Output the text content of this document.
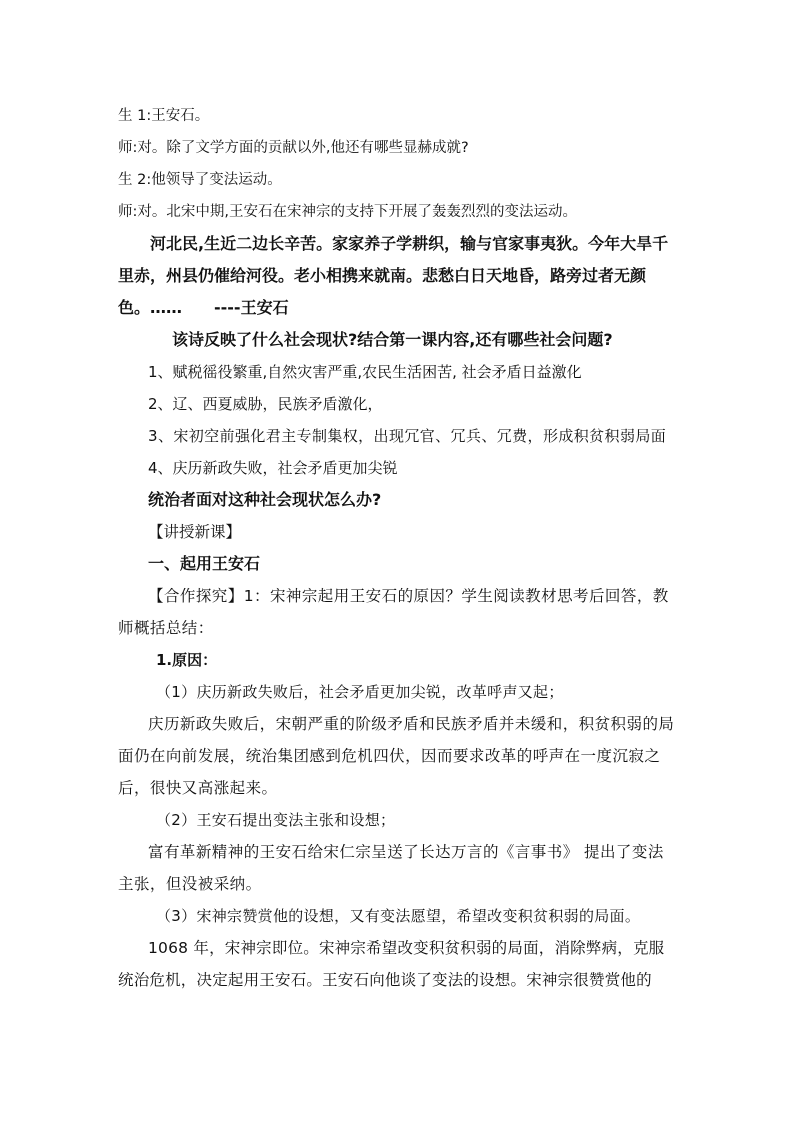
生 1:王安石。

师:对。除了文学方面的贡献以外,他还有哪些显赫成就?

生 2:他领导了变法运动。

师:对。北宋中期,王安石在宋神宗的支持下开展了轰轰烈烈的变法运动。

河北民,生近二边长辛苦。家家养子学耕织，输与官家事夷狄。今年大旱千里赤，州县仍催给河役。老小相携来就南。悲愁白日天地昏，路旁过者无颜色。……　　----王安石

该诗反映了什么社会现状?结合第一课内容,还有哪些社会问题?

1、赋税徭役繁重,自然灾害严重,农民生活困苦, 社会矛盾日益激化

2、辽、西夏威胁，民族矛盾激化，

3、宋初空前强化君主专制集权，出现冗官、冗兵、冗费，形成积贫积弱局面

4、庆历新政失败，社会矛盾更加尖锐

统治者面对这种社会现状怎么办?

【讲授新课】

一、起用王安石

【合作探究】1：宋神宗起用王安石的原因？学生阅读教材思考后回答，教师概括总结：

1.原因：

（1）庆历新政失败后，社会矛盾更加尖锐，改革呼声又起；

庆历新政失败后，宋朝严重的阶级矛盾和民族矛盾并未缓和，积贫积弱的局面仍在向前发展，统治集团感到危机四伏，因而要求改革的呼声在一度沉寂之后，很快又高涨起来。

（2）王安石提出变法主张和设想；

富有革新精神的王安石给宋仁宗呈送了长达万言的《言事书》 提出了变法主张，但没被采纳。

（3）宋神宗赞赏他的设想，又有变法愿望，希望改变积贫积弱的局面。

1068 年，宋神宗即位。宋神宗希望改变积贫积弱的局面，消除弊病，克服统治危机，决定起用王安石。王安石向他谈了变法的设想。宋神宗很赞赏他的
